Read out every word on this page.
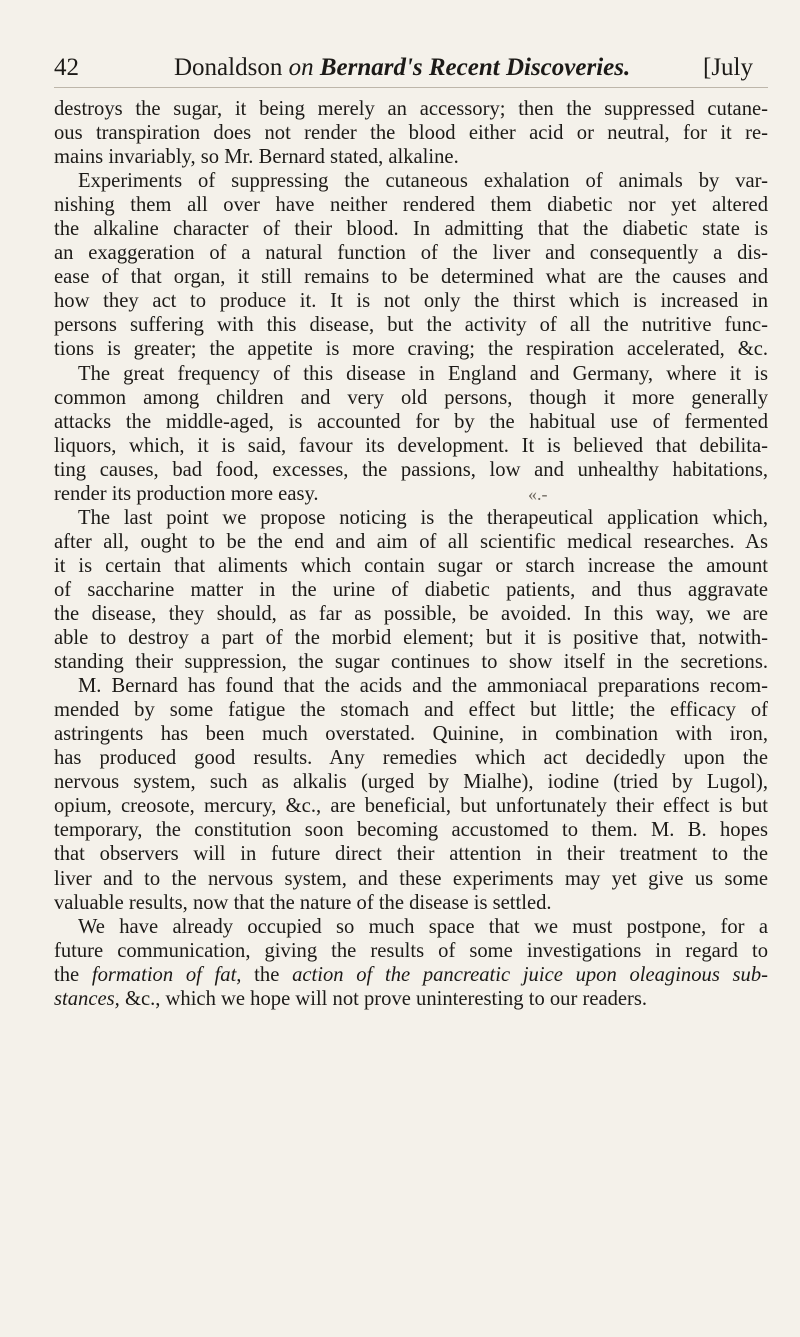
42	Donaldson on Bernard's Recent Discoveries.	[July
destroys the sugar, it being merely an accessory; then the suppressed cutane-
ous transpiration does not render the blood either acid or neutral, for it re-
mains invariably, so Mr. Bernard stated, alkaline.
Experiments of suppressing the cutaneous exhalation of animals by var-
nishing them all over have neither rendered them diabetic nor yet altered
the alkaline character of their blood. In admitting that the diabetic state is
an exaggeration of a natural function of the liver and consequently a dis-
ease of that organ, it still remains to be determined what are the causes and
how they act to produce it. It is not only the thirst which is increased in
persons suffering with this disease, but the activity of all the nutritive func-
tions is greater; the appetite is more craving; the respiration accelerated, &c.
The great frequency of this disease in England and Germany, where it is
common among children and very old persons, though it more generally
attacks the middle-aged, is accounted for by the habitual use of fermented
liquors, which, it is said, favour its development. It is believed that debilita-
ting causes, bad food, excesses, the passions, low and unhealthy habitations,
render its production more easy.	«.-
The last point we propose noticing is the therapeutical application which,
after all, ought to be the end and aim of all scientific medical researches. As
it is certain that aliments which contain sugar or starch increase the amount
of saccharine matter in the urine of diabetic patients, and thus aggravate
the disease, they should, as far as possible, be avoided. In this way, we are
able to destroy a part of the morbid element; but it is positive that, notwith-
standing their suppression, the sugar continues to show itself in the secretions.
M. Bernard has found that the acids and the ammoniacal preparations recom-
mended by some fatigue the stomach and effect but little; the efficacy of
astringents has been much overstated. Quinine, in combination with iron,
has produced good results. Any remedies which act decidedly upon the
nervous system, such as alkalis (urged by Mialhe), iodine (tried by Lugol),
opium, creosote, mercury, &c., are beneficial, but unfortunately their effect is but
temporary, the constitution soon becoming accustomed to them. M. B. hopes
that observers will in future direct their attention in their treatment to the
liver and to the nervous system, and these experiments may yet give us some
valuable results, now that the nature of the disease is settled.
We have already occupied so much space that we must postpone, for a
future communication, giving the results of some investigations in regard to
the formation of fat, the action of the pancreatic juice upon oleaginous sub-
stances, &c., which we hope will not prove uninteresting to our readers.
